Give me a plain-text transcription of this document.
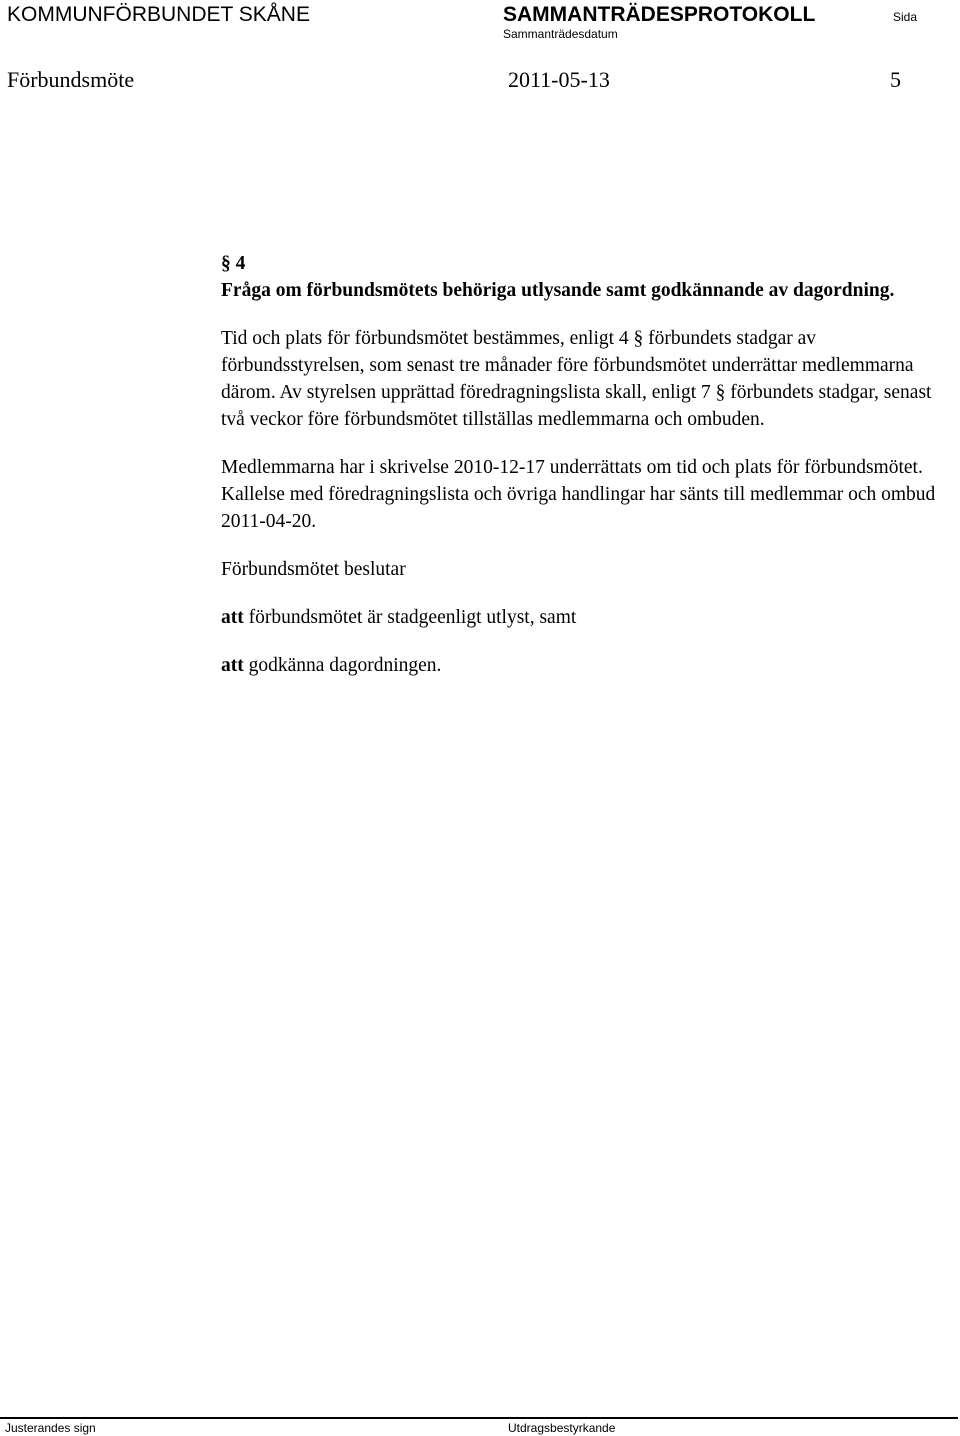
KOMMUNFÖRBUNDET SKÅNE	SAMMANTRÄDESPROTOKOLL
Sammanträdesdatum
Sida
Förbundsmöte	2011-05-13	5

§ 4

Fråga om förbundsmötets behöriga utlysande samt godkännande av dagordning.

Tid och plats för förbundsmötet bestämmes, enligt 4 § förbundets stadgar av förbundsstyrelsen, som senast tre månader före förbundsmötet underrättar medlemmarna därom. Av styrelsen upprättad föredragningslista skall, enligt 7 § förbundets stadgar, senast två veckor före förbundsmötet tillställas medlemmarna och ombuden.

Medlemmarna har i skrivelse 2010-12-17 underrättats om tid och plats för förbundsmötet. Kallelse med föredragningslista och övriga handlingar har sänts till medlemmar och ombud 2011-04-20.

Förbundsmötet beslutar

att förbundsmötet är stadgeenligt utlyst, samt

att godkänna dagordningen.

Justerandes sign	Utdragsbestyrkande
